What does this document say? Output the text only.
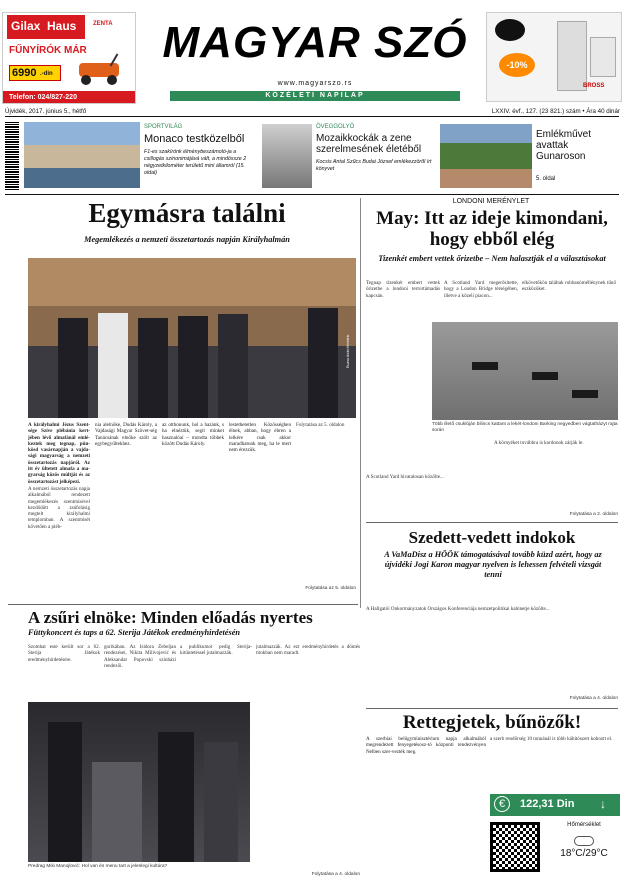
Gilax Haus	ZENTA
FŰNYÍRÓK MÁR
6990 .-din
Telefon: 024/827-220
MAGYAR SZÓ
www.magyarszo.rs
KÖZÉLETI NAPILAP
Újvidék, 2017. június 5., hétfő	LXXIV. évf., 127. (23 821.) szám • Ára 40 dinár
-10%
BROSS
SPORTVILÁG
Monaco testközelből
F1-es szakírónk élménybeszámoló-ja a csillogás szinonimájává vált, a mindössze 2 négyzetkilométer területű mini államról (15. oldal)
ÖVEGGOLYÓ
Mozaikkockák a zene szerelmesének életéből
Kocsis Antal Szűcs Budai József emlékezzöről írt könyvet
Emlékművet avattak Gunaroson
5. oldal
Egymásra találni
Megemlékezés a nemzeti összetartozás napján Királyhalmán
Ruzsa Anikó felvétele
A királyhalmi Jézus Szent-sége Szíve plébánia kert-jében lévő almafánál emlé-keztek meg tegnap, pün-kösd vasárnapján a vajda-sági magyarság a nemzeti összetartozás napjáról. Az itt év ültetett almafa a ma-gyarság közös múltját és az összetartozást jelképezi.
A nemzeti összetartozás napja alkalmából rendezett megemlékezés szentmisével kezdődött a zsúfolásig megtelt királyhalmi templomban. A szentmisét követően a pléb-
nia alelnöke, Dudás Károly, a Vajdasági Magyar Szövet-ség Tanácsának elnöke szólt az egybegyűltekhez.
az otthonunk, hol a hazánk, s ha elnéztük, segít minket hasznalóaí – mondta többek között Dudás Károly.
lestethetetlen Közösségben élnek, abban, hogy ébren a lelkére csak akkor maradhatunk meg, ha le mert nem érezzük.
Folytatása az 5. oldalon
Folytatása az 5. oldalon
LONDONI MERÉNYLET
May: Itt az ideje kimondani, hogy ebből elég
Tizenkét embert vettek őrizetbe – Nem halasztják el a választásokat
Tegnap tizenkét embert vettek őrizetbe a londoni terrortámadás kapcsán.
A Scotland Yard megerősítette, hogy a London Bridge térségében, illetve a közeli piacon...
elkövetőkön találtak robbanóméllénynek tűnő eszközöket.
Több illető csuklóján bilincs kattant a lekét-londoni Barking negyedben vágtatházyt rajta során
A Scotland Yard hivatalosan közölte...
A környéket továbbra is kordonok zárják le.
Folytatása a 2. oldalon
Szedett-vedett indokok
A VaMaDisz a HÖÖK támogatásával tovább küzd azért, hogy az újvidéki Jogi Karon magyar nyelven is lehessen felvételi vizsgát tenni
A Hallgatói Önkormányzatok Országos Konferenciája nemzetpolitikai kabinetje közölte...
Folytatása a 4. oldalon
A zsűri elnöke: Minden előadás nyertes
Füttykoncert és taps a 62. Sterija Játékok eredményhirdetésén
Szombat este került sor a 62. Sterija Játékok eredményhirdetésére.
gorikában. Az Isidora Žebeljan rendezései, Nikita Milivojević és Aleksandar Popovski színházi rendezői.
a publikumot pedig Sterija-kitüntetéssel jutalmazzák.
jutalmazzák. Az ezt eredményhirdetés a döntés titokban nem maradt.
Predrag Miki Manojlović: Hol van és menu tart a jelenlegi kultúra?
Folytatása a 4. oldalon
Rettegjetek, bűnözők!
A szerbiai belügyminisztérium napja alkalmából megrendezett fenyegetésosz-tó központi rendezvényen Nelben szer-vezték meg.
a szerb rendőrség 10 tonnánál is több kábítószert koboztt el.
€	122,31 Din ↓
Hőmérséklet
18°C/29°C
